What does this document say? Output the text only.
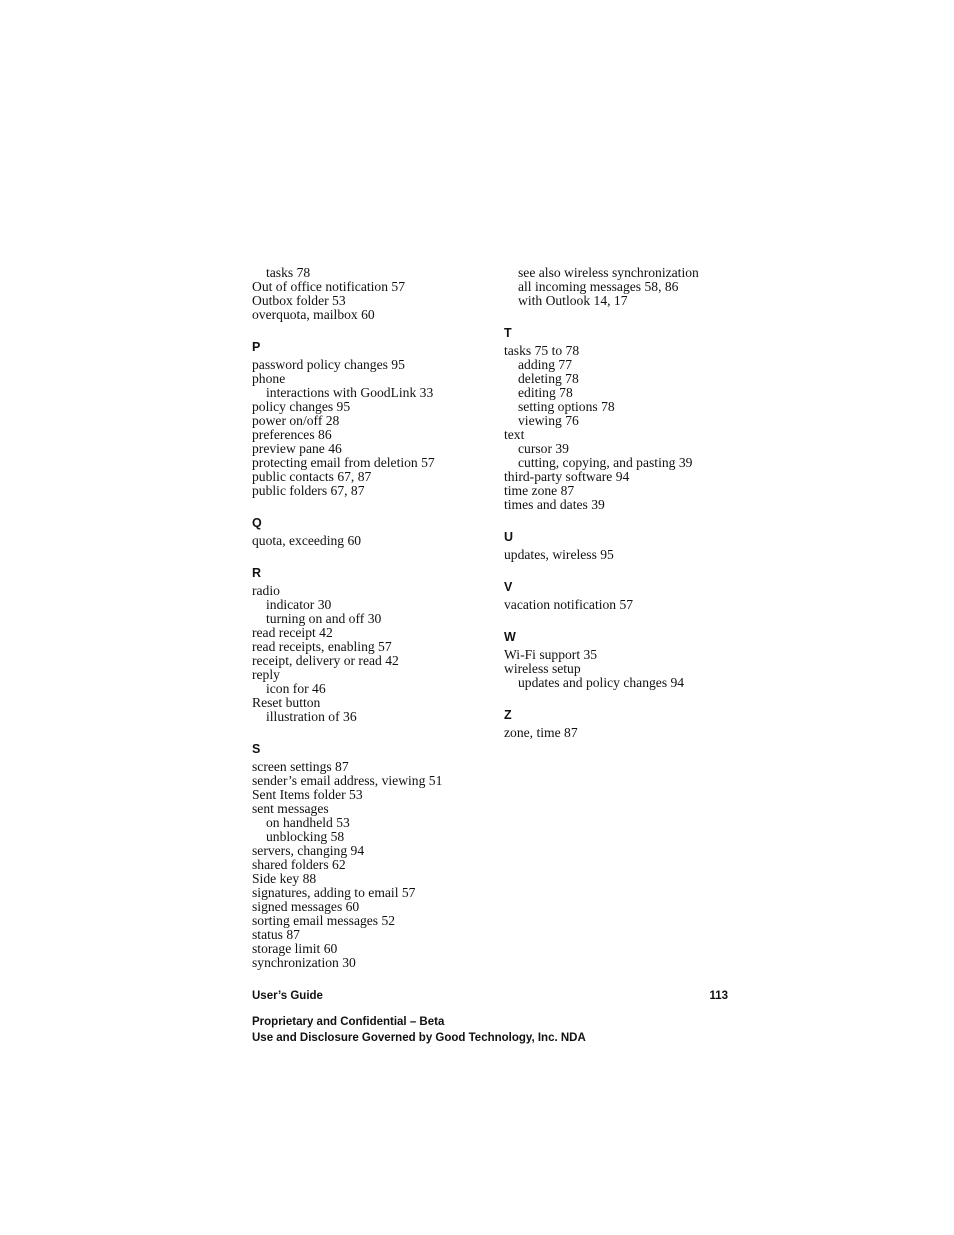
tasks 78
Out of office notification 57
Outbox folder 53
overquota, mailbox 60
P
password policy changes 95
phone
interactions with GoodLink 33
policy changes 95
power on/off 28
preferences 86
preview pane 46
protecting email from deletion 57
public contacts 67, 87
public folders 67, 87
Q
quota, exceeding 60
R
radio
indicator 30
turning on and off 30
read receipt 42
read receipts, enabling 57
receipt, delivery or read 42
reply
icon for 46
Reset button
illustration of 36
S
screen settings 87
sender’s email address, viewing 51
Sent Items folder 53
sent messages
on handheld 53
unblocking 58
servers, changing 94
shared folders 62
Side key 88
signatures, adding to email 57
signed messages 60
sorting email messages 52
status 87
storage limit 60
synchronization 30
see also wireless synchronization
all incoming messages 58, 86
with Outlook 14, 17
T
tasks 75 to 78
adding 77
deleting 78
editing 78
setting options 78
viewing 76
text
cursor 39
cutting, copying, and pasting 39
third-party software 94
time zone 87
times and dates 39
U
updates, wireless 95
V
vacation notification 57
W
Wi-Fi support 35
wireless setup
updates and policy changes 94
Z
zone, time 87
User’s Guide	113
Proprietary and Confidential – Beta
Use and Disclosure Governed by Good Technology, Inc. NDA
